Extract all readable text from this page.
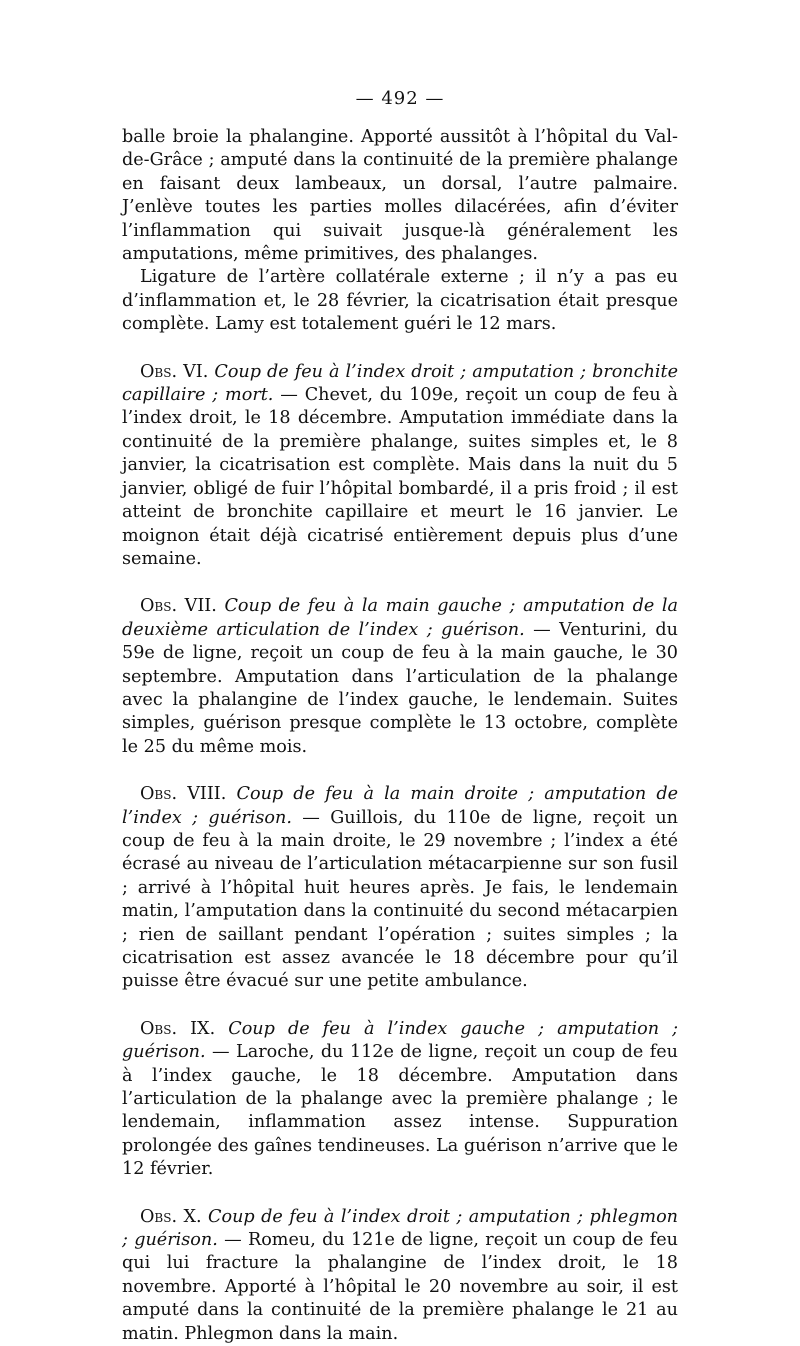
— 492 —

balle broie la phalangine. Apporté aussitôt à l’hôpital du Val-de-Grâce ; amputé dans la continuité de la première phalange en faisant deux lambeaux, un dorsal, l’autre palmaire. J’enlève toutes les parties molles dilacérées, afin d’éviter l’inflammation qui suivait jusque-là généralement les amputations, même primitives, des phalanges.

Ligature de l’artère collatérale externe ; il n’y a pas eu d’inflammation et, le 28 février, la cicatrisation était presque complète. Lamy est totalement guéri le 12 mars.

Obs. VI. Coup de feu à l’index droit ; amputation ; bronchite capillaire ; mort. — Chevet, du 109e, reçoit un coup de feu à l’index droit, le 18 décembre. Amputation immédiate dans la continuité de la première phalange, suites simples et, le 8 janvier, la cicatrisation est complète. Mais dans la nuit du 5 janvier, obligé de fuir l’hôpital bombardé, il a pris froid ; il est atteint de bronchite capillaire et meurt le 16 janvier. Le moignon était déjà cicatrisé entièrement depuis plus d’une semaine.

Obs. VII. Coup de feu à la main gauche ; amputation de la deuxième articulation de l’index ; guérison. — Venturini, du 59e de ligne, reçoit un coup de feu à la main gauche, le 30 septembre. Amputation dans l’articulation de la phalange avec la phalangine de l’index gauche, le lendemain. Suites simples, guérison presque complète le 13 octobre, complète le 25 du même mois.

Obs. VIII. Coup de feu à la main droite ; amputation de l’index ; guérison. — Guillois, du 110e de ligne, reçoit un coup de feu à la main droite, le 29 novembre ; l’index a été écrasé au niveau de l’articulation métacarpienne sur son fusil ; arrivé à l’hôpital huit heures après. Je fais, le lendemain matin, l’amputation dans la continuité du second métacarpien ; rien de saillant pendant l’opération ; suites simples ; la cicatrisation est assez avancée le 18 décembre pour qu’il puisse être évacué sur une petite ambulance.

Obs. IX. Coup de feu à l’index gauche ; amputation ; guérison. — Laroche, du 112e de ligne, reçoit un coup de feu à l’index gauche, le 18 décembre. Amputation dans l’articulation de la phalange avec la première phalange ; le lendemain, inflammation assez intense. Suppuration prolongée des gaînes tendineuses. La guérison n’arrive que le 12 février.

Obs. X. Coup de feu à l’index droit ; amputation ; phlegmon ; guérison. — Romeu, du 121e de ligne, reçoit un coup de feu qui lui fracture la phalangine de l’index droit, le 18 novembre. Apporté à l’hôpital le 20 novembre au soir, il est amputé dans la continuité de la première phalange le 21 au matin. Phlegmon dans la main.
